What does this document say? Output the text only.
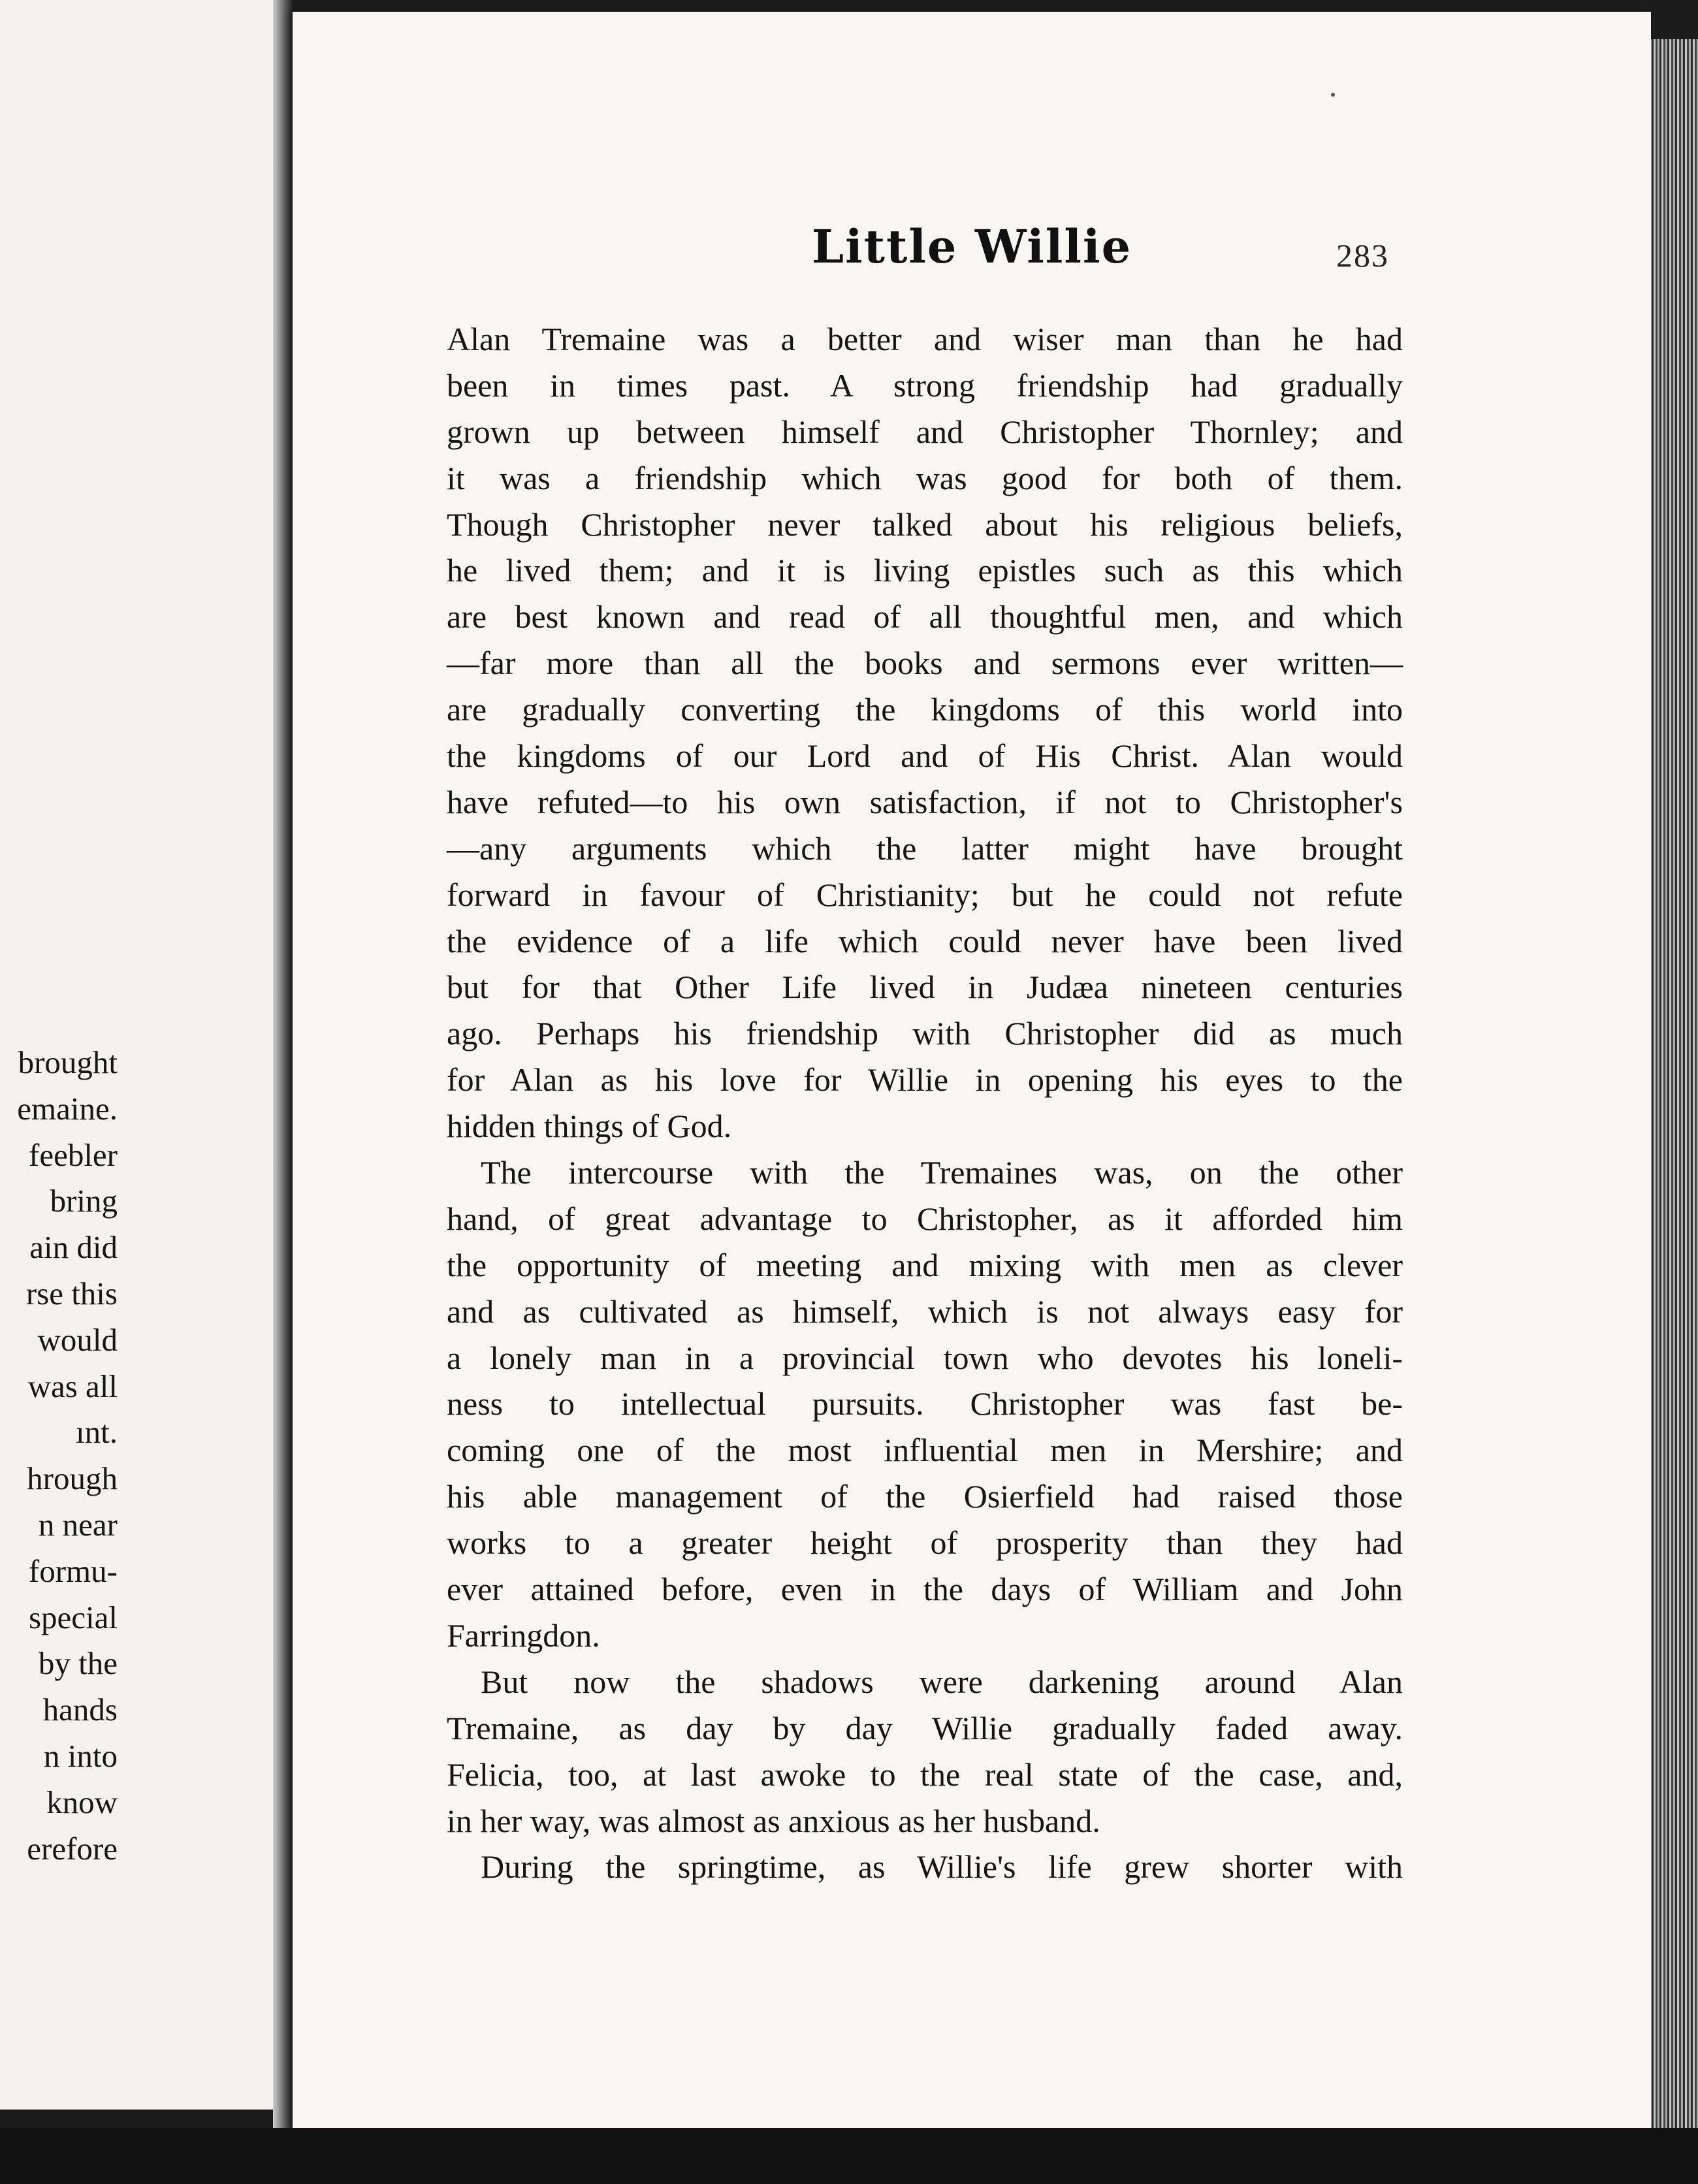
brought
emaine.
feebler
bring
ain did
rse this
would
was all
ınt.
hrough
n near
formu-
special
by the
hands
n into
know
erefore
Little Willie	283
Alan Tremaine was a better and wiser man than he had
been in times past. A strong friendship had gradually
grown up between himself and Christopher Thornley; and
it was a friendship which was good for both of them.
Though Christopher never talked about his religious beliefs,
he lived them; and it is living epistles such as this which
are best known and read of all thoughtful men, and which
—far more than all the books and sermons ever written—
are gradually converting the kingdoms of this world into
the kingdoms of our Lord and of His Christ. Alan would
have refuted—to his own satisfaction, if not to Christopher's
—any arguments which the latter might have brought
forward in favour of Christianity; but he could not refute
the evidence of a life which could never have been lived
but for that Other Life lived in Judæa nineteen centuries
ago. Perhaps his friendship with Christopher did as much
for Alan as his love for Willie in opening his eyes to the
hidden things of God.
The intercourse with the Tremaines was, on the other
hand, of great advantage to Christopher, as it afforded him
the opportunity of meeting and mixing with men as clever
and as cultivated as himself, which is not always easy for
a lonely man in a provincial town who devotes his loneli-
ness to intellectual pursuits. Christopher was fast be-
coming one of the most influential men in Mershire; and
his able management of the Osierfield had raised those
works to a greater height of prosperity than they had
ever attained before, even in the days of William and John
Farringdon.
But now the shadows were darkening around Alan
Tremaine, as day by day Willie gradually faded away.
Felicia, too, at last awoke to the real state of the case, and,
in her way, was almost as anxious as her husband.
During the springtime, as Willie's life grew shorter with
